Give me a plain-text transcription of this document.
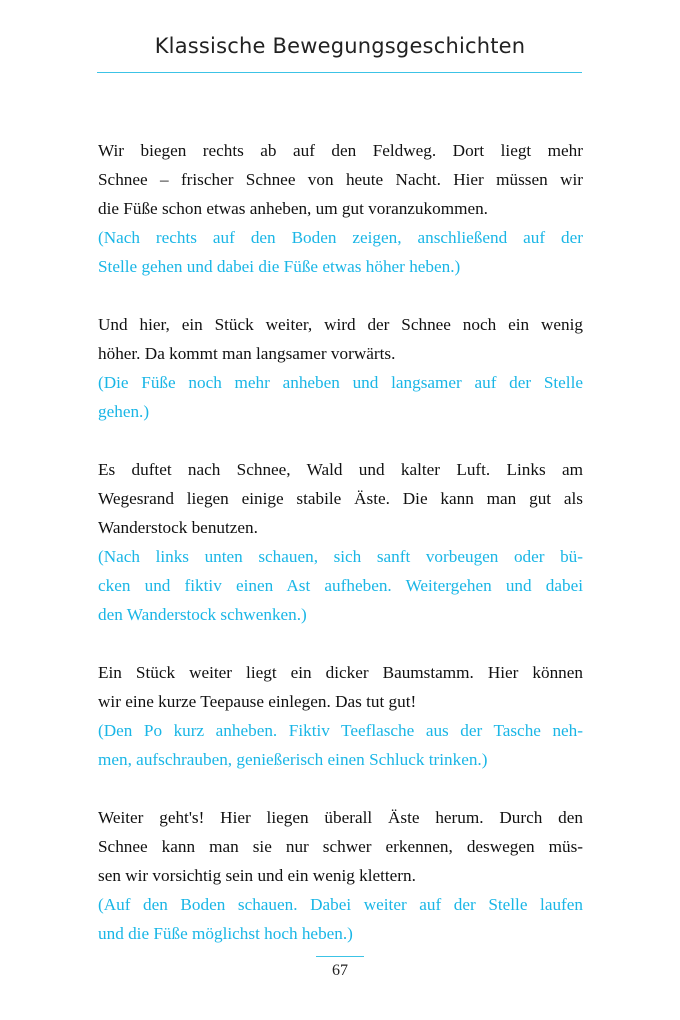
Klassische Bewegungsgeschichten

Wir biegen rechts ab auf den Feldweg. Dort liegt mehr
Schnee – frischer Schnee von heute Nacht. Hier müssen wir
die Füße schon etwas anheben, um gut voranzukommen.

(Nach rechts auf den Boden zeigen, anschließend auf der
Stelle gehen und dabei die Füße etwas höher heben.)

Und hier, ein Stück weiter, wird der Schnee noch ein wenig
höher. Da kommt man langsamer vorwärts.

(Die Füße noch mehr anheben und langsamer auf der Stelle
gehen.)

Es duftet nach Schnee, Wald und kalter Luft. Links am
Wegesrand liegen einige stabile Äste. Die kann man gut als
Wanderstock benutzen.

(Nach links unten schauen, sich sanft vorbeugen oder bü-
cken und fiktiv einen Ast aufheben. Weitergehen und dabei
den Wanderstock schwenken.)

Ein Stück weiter liegt ein dicker Baumstamm. Hier können
wir eine kurze Teepause einlegen. Das tut gut!

(Den Po kurz anheben. Fiktiv Teeflasche aus der Tasche neh-
men, aufschrauben, genießerisch einen Schluck trinken.)

Weiter geht's! Hier liegen überall Äste herum. Durch den
Schnee kann man sie nur schwer erkennen, deswegen müs-
sen wir vorsichtig sein und ein wenig klettern.

(Auf den Boden schauen. Dabei weiter auf der Stelle laufen
und die Füße möglichst hoch heben.)

67
